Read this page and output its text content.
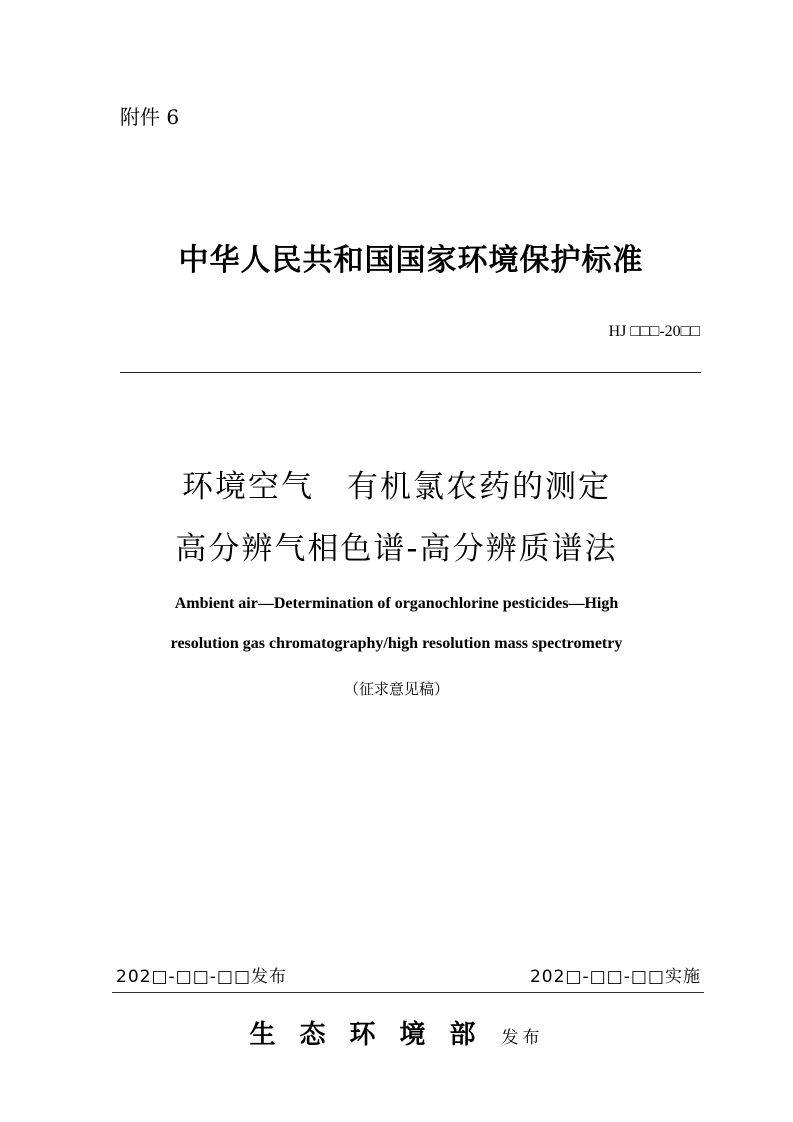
附件 6
中华人民共和国国家环境保护标准
HJ □□□-20□□
环境空气　有机氯农药的测定
高分辨气相色谱-高分辨质谱法
Ambient air—Determination of organochlorine pesticides—High
resolution gas chromatography/high resolution mass spectrometry
（征求意见稿）
202□-□□-□□发布	202□-□□-□□实施
生态环境部 发布
